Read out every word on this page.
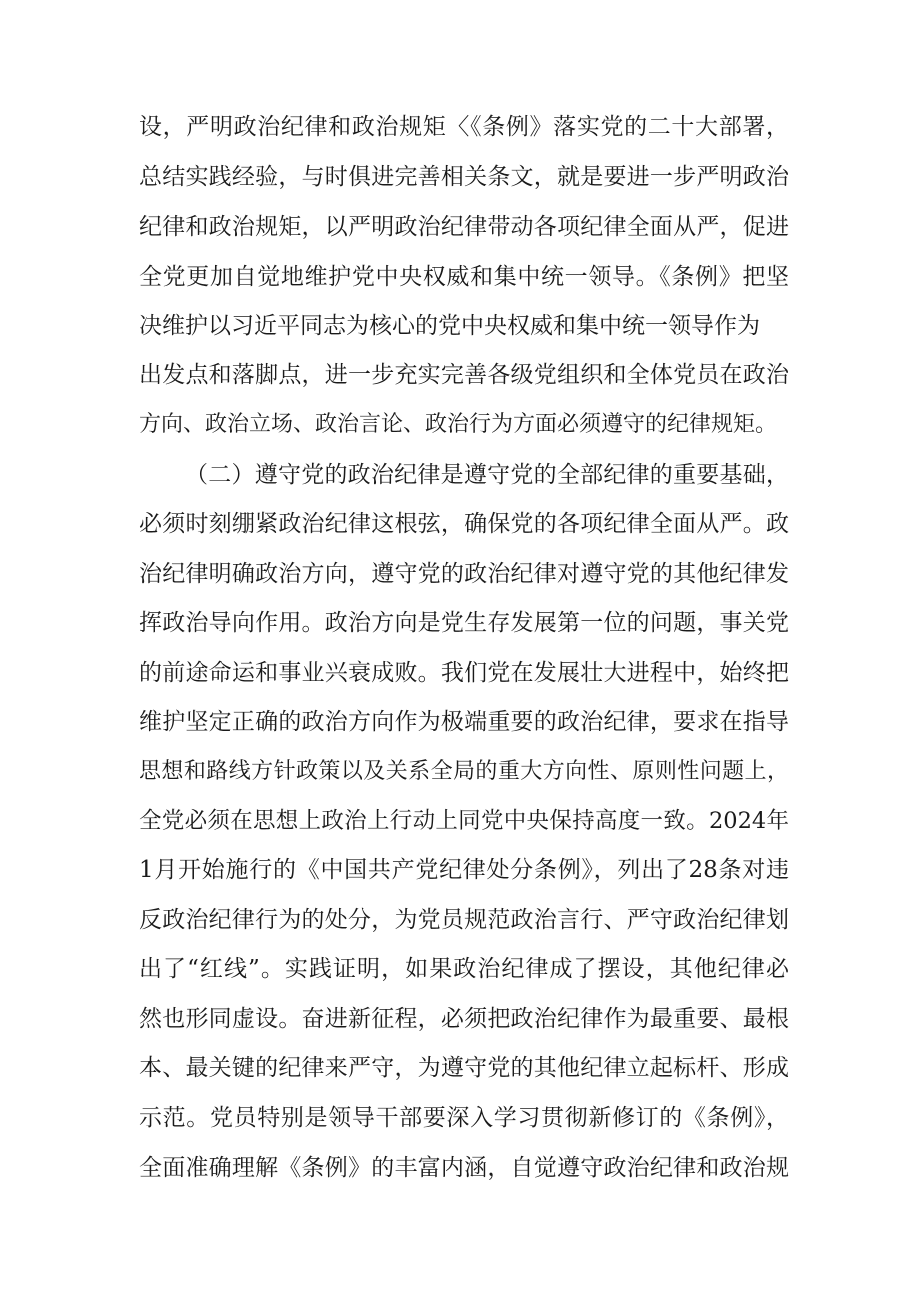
设，严明政治纪律和政治规矩〈《条例》落实党的二十大部署，
总结实践经验，与时俱进完善相关条文，就是要进一步严明政治
纪律和政治规矩，以严明政治纪律带动各项纪律全面从严，促进
全党更加自觉地维护党中央权威和集中统一领导。《条例》把坚
决维护以习近平同志为核心的党中央权威和集中统一领导作为
出发点和落脚点，进一步充实完善各级党组织和全体党员在政治
方向、政治立场、政治言论、政治行为方面必须遵守的纪律规矩。
（二）遵守党的政治纪律是遵守党的全部纪律的重要基础，
必须时刻绷紧政治纪律这根弦，确保党的各项纪律全面从严。政
治纪律明确政治方向，遵守党的政治纪律对遵守党的其他纪律发
挥政治导向作用。政治方向是党生存发展第一位的问题，事关党
的前途命运和事业兴衰成败。我们党在发展壮大进程中，始终把
维护坚定正确的政治方向作为极端重要的政治纪律，要求在指导
思想和路线方针政策以及关系全局的重大方向性、原则性问题上，
全党必须在思想上政治上行动上同党中央保持高度一致。2024年
1月开始施行的《中国共产党纪律处分条例》，列出了28条对违
反政治纪律行为的处分，为党员规范政治言行、严守政治纪律划
出了“红线”。实践证明，如果政治纪律成了摆设，其他纪律必
然也形同虚设。奋进新征程，必须把政治纪律作为最重要、最根
本、最关键的纪律来严守，为遵守党的其他纪律立起标杆、形成
示范。党员特别是领导干部要深入学习贯彻新修订的《条例》，
全面准确理解《条例》的丰富内涵，自觉遵守政治纪律和政治规
